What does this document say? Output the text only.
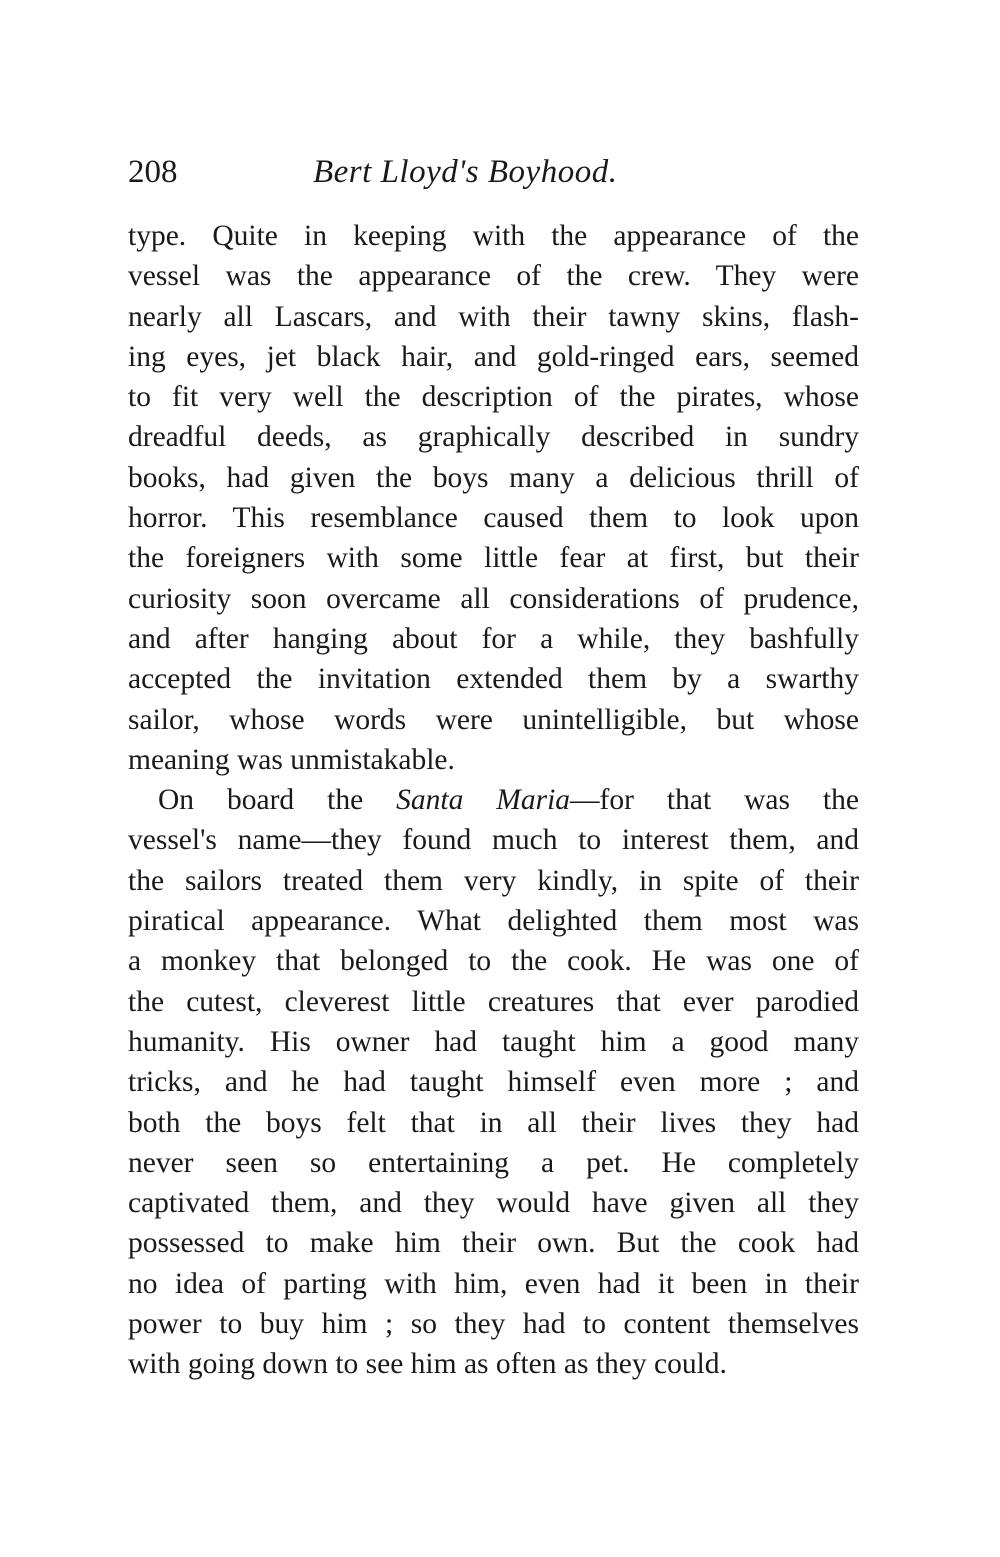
208	Bert Lloyd's Boyhood.
type. Quite in keeping with the appearance of the
vessel was the appearance of the crew. They were
nearly all Lascars, and with their tawny skins, flash-
ing eyes, jet black hair, and gold-ringed ears, seemed
to fit very well the description of the pirates, whose
dreadful deeds, as graphically described in sundry
books, had given the boys many a delicious thrill of
horror. This resemblance caused them to look upon
the foreigners with some little fear at first, but their
curiosity soon overcame all considerations of prudence,
and after hanging about for a while, they bashfully
accepted the invitation extended them by a swarthy
sailor, whose words were unintelligible, but whose
meaning was unmistakable.
On board the Santa Maria—for that was the
vessel's name—they found much to interest them, and
the sailors treated them very kindly, in spite of their
piratical appearance. What delighted them most was
a monkey that belonged to the cook. He was one of
the cutest, cleverest little creatures that ever parodied
humanity. His owner had taught him a good many
tricks, and he had taught himself even more ; and
both the boys felt that in all their lives they had
never seen so entertaining a pet. He completely
captivated them, and they would have given all they
possessed to make him their own. But the cook had
no idea of parting with him, even had it been in their
power to buy him ; so they had to content themselves
with going down to see him as often as they could.
